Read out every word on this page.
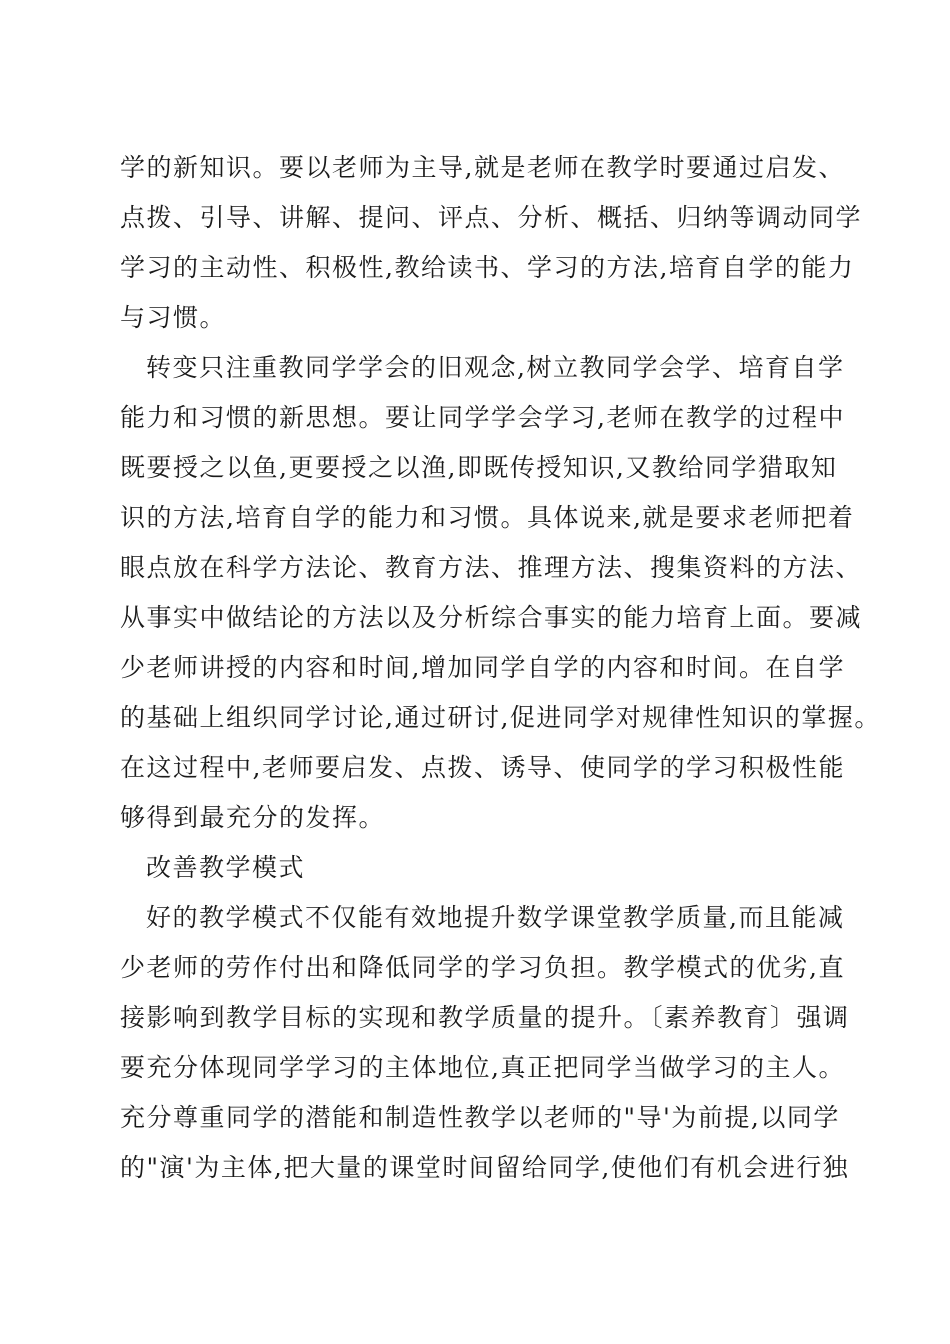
学的新知识。要以老师为主导,就是老师在教学时要通过启发、
点拨、引导、讲解、提问、评点、分析、概括、归纳等调动同学
学习的主动性、积极性,教给读书、学习的方法,培育自学的能力
与习惯。
转变只注重教同学学会的旧观念,树立教同学会学、培育自学
能力和习惯的新思想。要让同学学会学习,老师在教学的过程中
既要授之以鱼,更要授之以渔,即既传授知识,又教给同学猎取知
识的方法,培育自学的能力和习惯。具体说来,就是要求老师把着
眼点放在科学方法论、教育方法、推理方法、搜集资料的方法、
从事实中做结论的方法以及分析综合事实的能力培育上面。要减
少老师讲授的内容和时间,增加同学自学的内容和时间。在自学
的基础上组织同学讨论,通过研讨,促进同学对规律性知识的掌握。
在这过程中,老师要启发、点拨、诱导、使同学的学习积极性能
够得到最充分的发挥。
改善教学模式
好的教学模式不仅能有效地提升数学课堂教学质量,而且能减
少老师的劳作付出和降低同学的学习负担。教学模式的优劣,直
接影响到教学目标的实现和教学质量的提升。〔素养教育〕强调
要充分体现同学学习的主体地位,真正把同学当做学习的主人。
充分尊重同学的潜能和制造性教学以老师的"导'为前提,以同学
的"演'为主体,把大量的课堂时间留给同学,使他们有机会进行独
